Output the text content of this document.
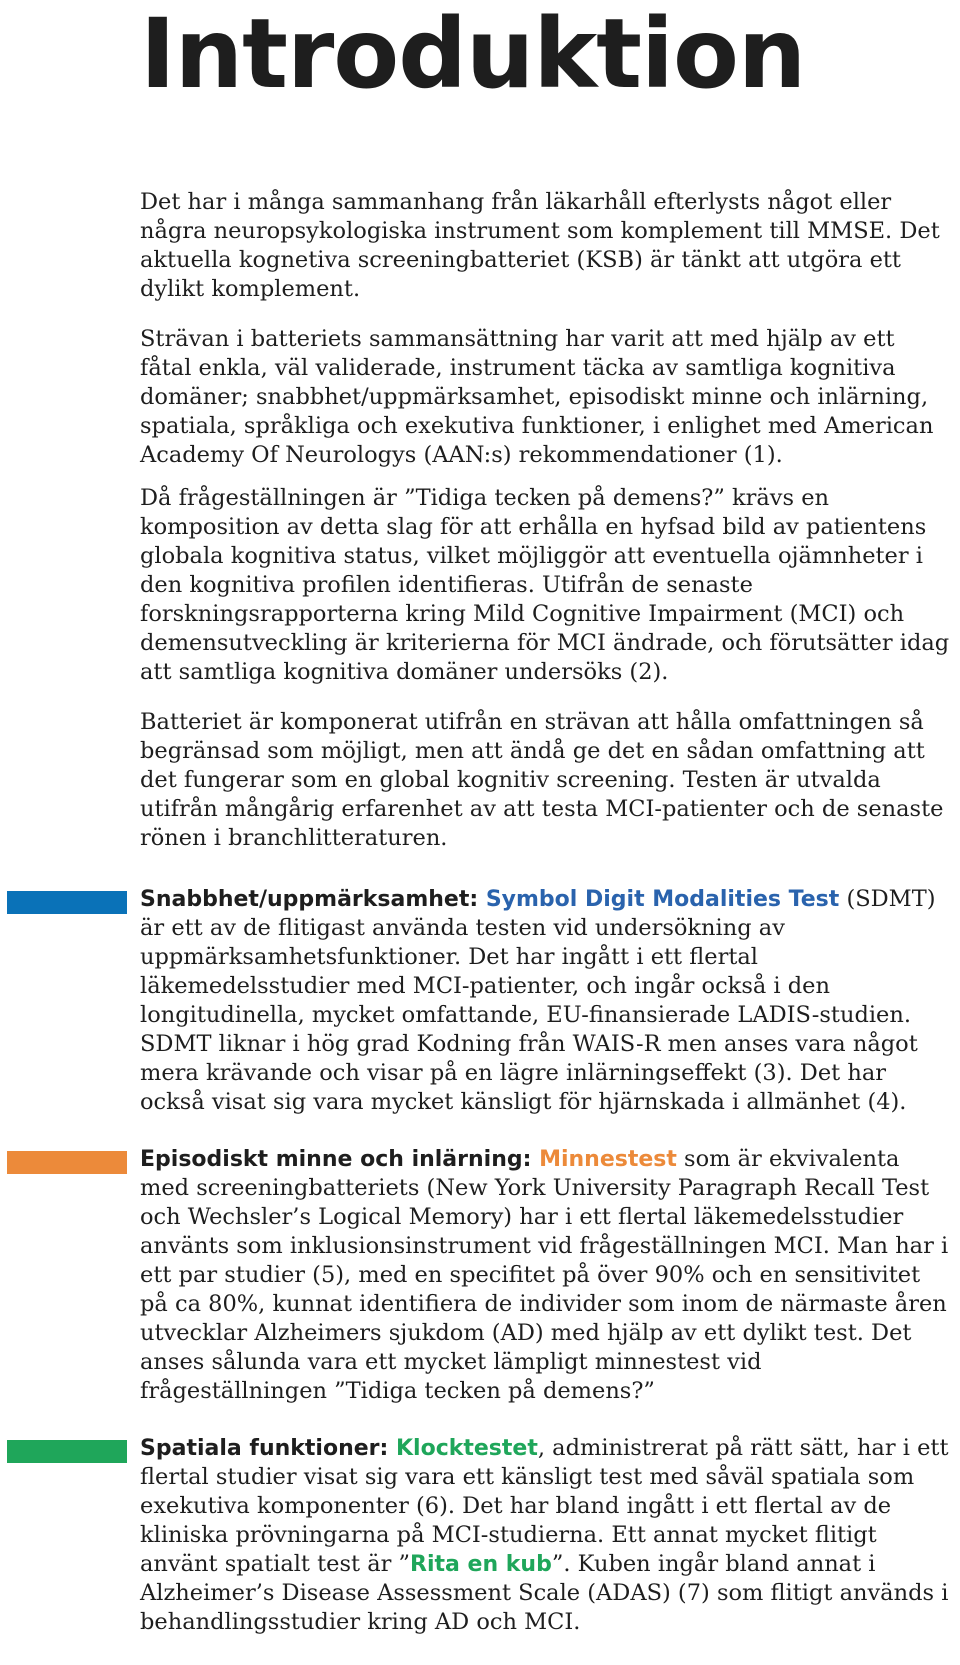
Introduktion

Det har i många sammanhang från läkarhåll efterlysts något eller några neuropsykologiska instrument som komplement till MMSE. Det aktuella kognetiva screeningbatteriet (KSB) är tänkt att utgöra ett dylikt komplement.

Strävan i batteriets sammansättning har varit att med hjälp av ett fåtal enkla, väl validerade, instrument täcka av samtliga kognitiva domäner; snabbhet/uppmärksamhet, episodiskt minne och inlärning, spatiala, språkliga och exekutiva funktioner, i enlighet med American Academy Of Neurologys (AAN:s) rekommendationer (1).

Då frågeställningen är ”Tidiga tecken på demens?” krävs en komposition av detta slag för att erhålla en hyfsad bild av patientens globala kognitiva status, vilket möjliggör att eventuella ojämnheter i den kognitiva profilen identifieras. Utifrån de senaste forskningsrapporterna kring Mild Cognitive Impairment (MCI) och demensutveckling är kriterierna för MCI ändrade, och förutsätter idag att samtliga kognitiva domäner undersöks (2).

Batteriet är komponerat utifrån en strävan att hålla omfattningen så begränsad som möjligt, men att ändå ge det en sådan omfattning att det fungerar som en global kognitiv screening. Testen är utvalda utifrån mångårig erfarenhet av att testa MCI-patienter och de senaste rönen i branchlitteraturen.

Snabbhet/uppmärksamhet: Symbol Digit Modalities Test (SDMT) är ett av de flitigast använda testen vid undersökning av uppmärksamhetsfunktioner. Det har ingått i ett flertal läkemedelsstudier med MCI-patienter, och ingår också i den longitudinella, mycket omfattande, EU-finansierade LADIS-studien. SDMT liknar i hög grad Kodning från WAIS-R men anses vara något mera krävande och visar på en lägre inlärningseffekt (3). Det har också visat sig vara mycket känsligt för hjärnskada i allmänhet (4).

Episodiskt minne och inlärning: Minnestest som är ekvivalenta med screeningbatteriets (New York University Paragraph Recall Test och Wechsler’s Logical Memory) har i ett flertal läkemedelsstudier använts som inklusionsinstrument vid frågeställningen MCI. Man har i ett par studier (5), med en specifitet på över 90% och en sensitivitet på ca 80%, kunnat identifiera de individer som inom de närmaste åren utvecklar Alzheimers sjukdom (AD) med hjälp av ett dylikt test. Det anses sålunda vara ett mycket lämpligt minnestest vid frågeställningen ”Tidiga tecken på demens?”

Spatiala funktioner: Klocktestet, administrerat på rätt sätt, har i ett flertal studier visat sig vara ett känsligt test med såväl spatiala som exekutiva komponenter (6). Det har bland ingått i ett flertal av de kliniska prövningarna på MCI-studierna. Ett annat mycket flitigt använt spatialt test är ”Rita en kub”. Kuben ingår bland annat i Alzheimer’s Disease Assessment Scale (ADAS) (7) som flitigt används i behandlingsstudier kring AD och MCI.
